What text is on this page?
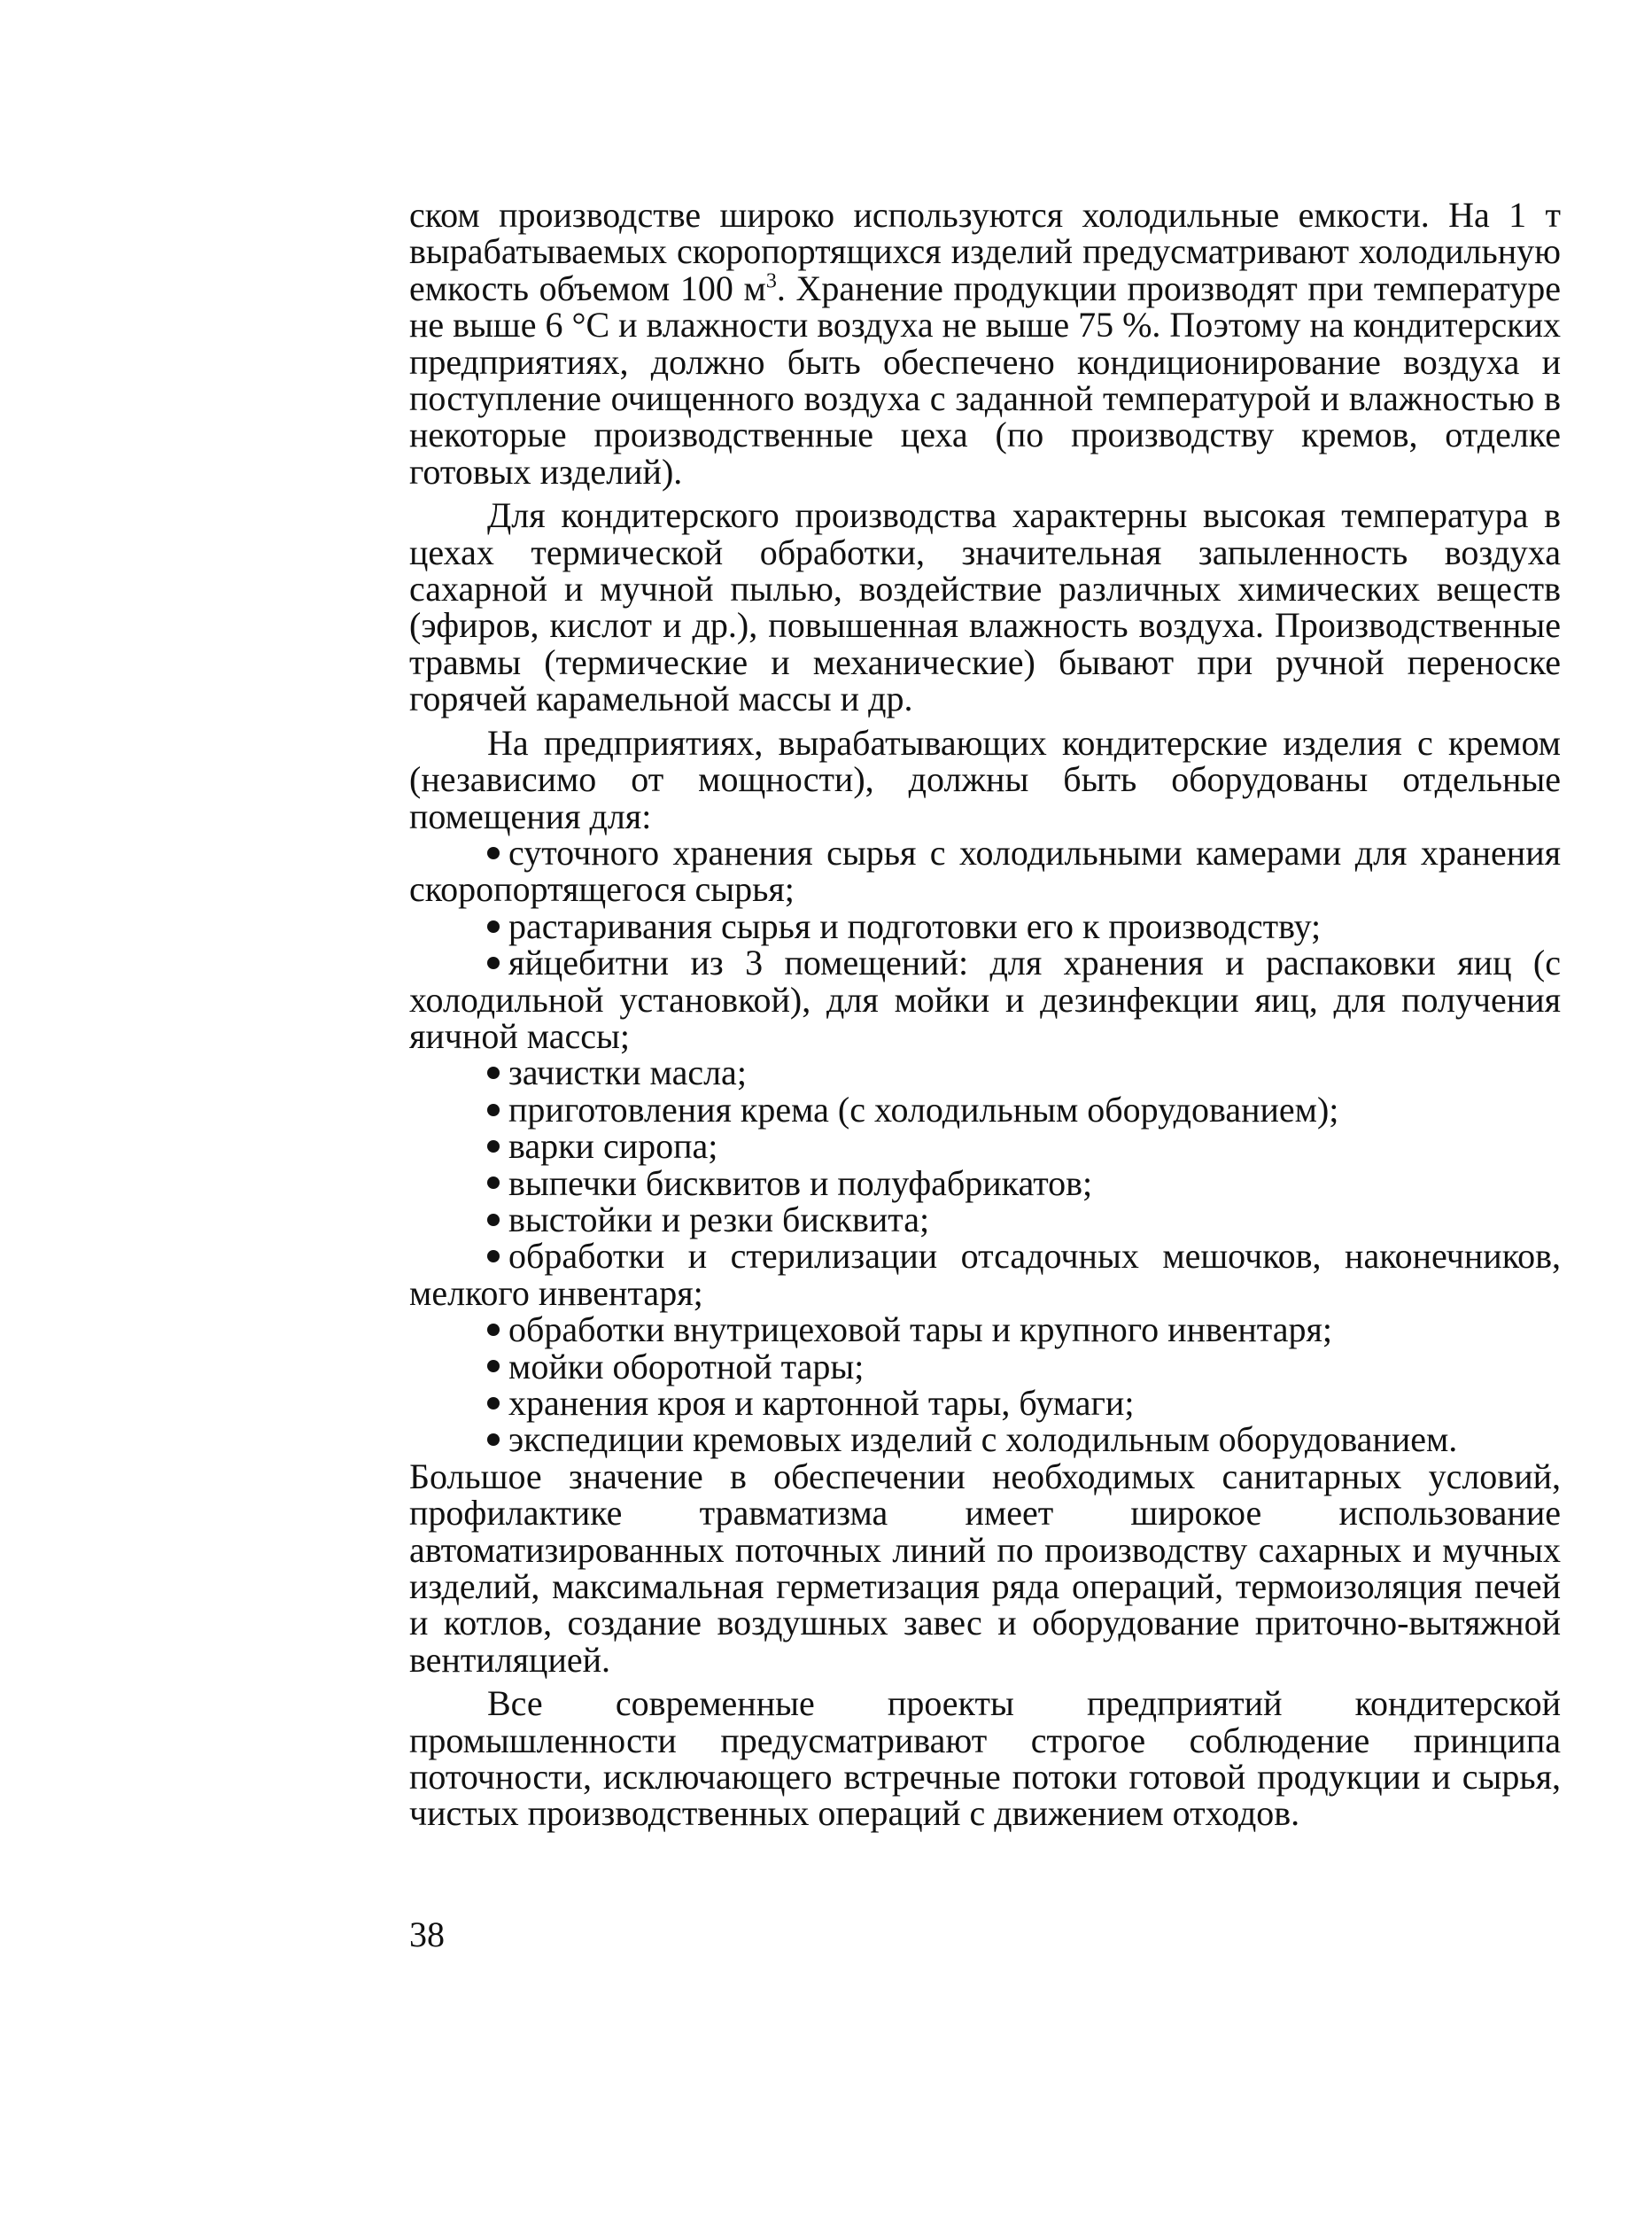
ском производстве широко используются холодильные емкости. На 1 т вырабатываемых скоропортящихся изделий предусматривают холодильную емкость объемом 100 $м^3$. Хранение продукции производят при температуре не выше 6 °С и влажности воздуха не выше 75 %. Поэтому на кондитерских предприятиях, должно быть обеспечено кондиционирование воздуха и поступление очищенного воздуха с заданной температурой и влажностью в некоторые производственные цеха (по производству кремов, отделке готовых изделий).

Для кондитерского производства характерны высокая температура в цехах термической обработки, значительная запыленность воздуха сахарной и мучной пылью, воздействие различных химических веществ (эфиров, кислот и др.), повышенная влажность воздуха. Производственные травмы (термические и механические) бывают при ручной переноске горячей карамельной массы и др.

На предприятиях, вырабатывающих кондитерские изделия с кремом (независимо от мощности), должны быть оборудованы отдельные помещения для:

суточного хранения сырья с холодильными камерами для хранения скоропортящегося сырья;

растаривания сырья и подготовки его к производству;

яйцебитни из 3 помещений: для хранения и распаковки яиц (с холодильной установкой), для мойки и дезинфекции яиц, для получения яичной массы;

зачистки масла;

приготовления крема (с холодильным оборудованием);

варки сиропа;

выпечки бисквитов и полуфабрикатов;

выстойки и резки бисквита;

обработки и стерилизации отсадочных мешочков, наконечников, мелкого инвентаря;

обработки внутрицеховой тары и крупного инвентаря;

мойки оборотной тары;

хранения кроя и картонной тары, бумаги;

экспедиции кремовых изделий с холодильным оборудованием.

Большое значение в обеспечении необходимых санитарных условий, профилактике травматизма имеет широкое использование автоматизированных поточных линий по производству сахарных и мучных изделий, максимальная герметизация ряда операций, термоизоляция печей и котлов, создание воздушных завес и оборудование приточно-вытяжной вентиляцией.

Все современные проекты предприятий кондитерской промышленности предусматривают строгое соблюдение принципа поточности, исключающего встречные потоки готовой продукции и сырья, чистых производственных операций с движением отходов.

38
